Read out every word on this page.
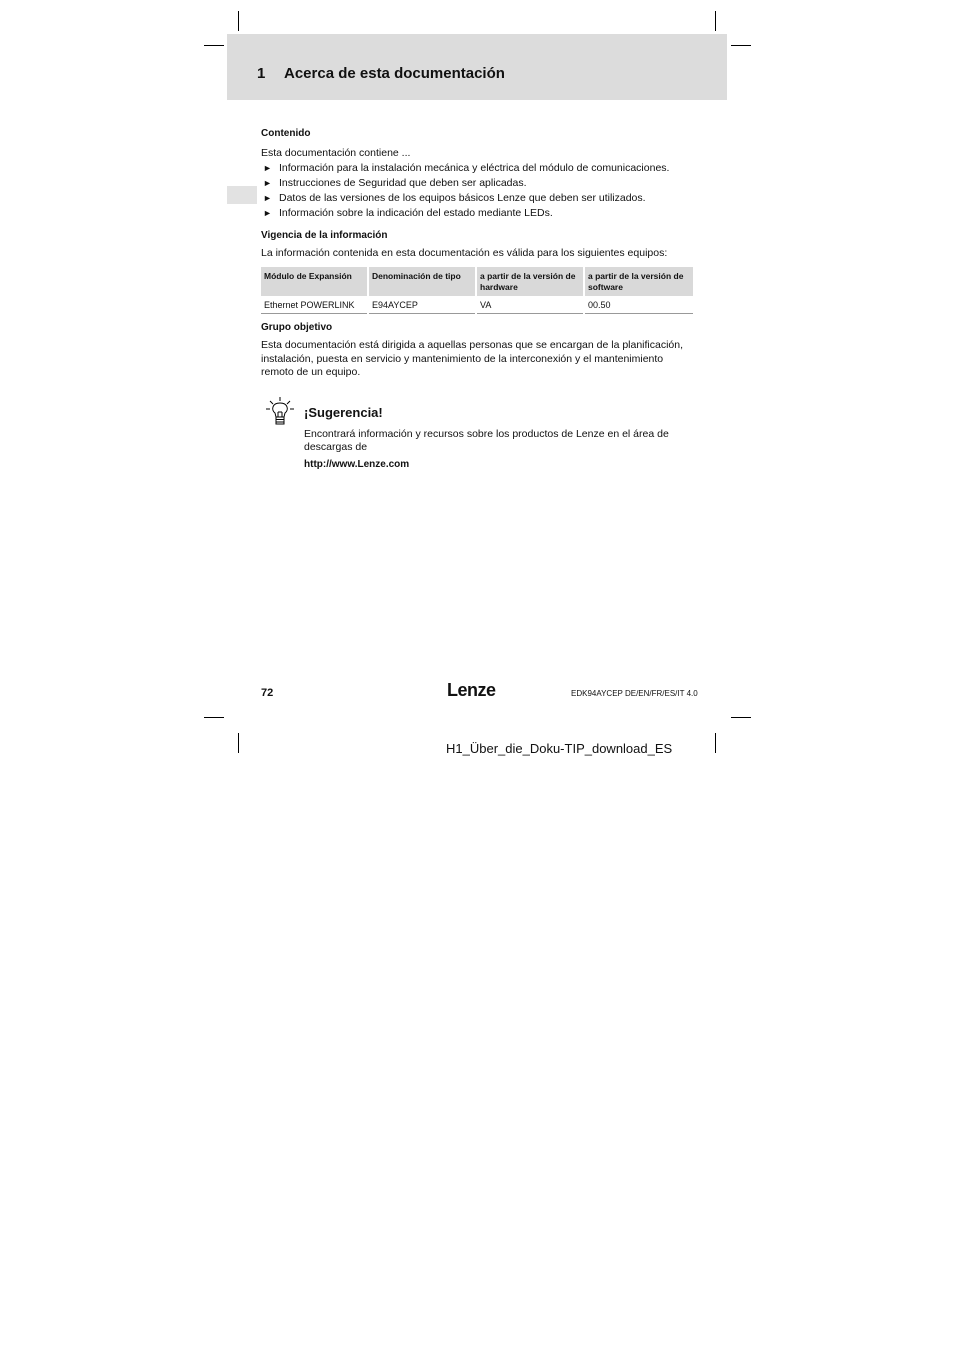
1 Acerca de esta documentación

Contenido

Esta documentación contiene ...

► Información para la instalación mecánica y eléctrica del módulo de comunicaciones.
► Instrucciones de Seguridad que deben ser aplicadas.
► Datos de las versiones de los equipos básicos Lenze que deben ser utilizados.
► Información sobre la indicación del estado mediante LEDs.

Vigencia de la información

La información contenida en esta documentación es válida para los siguientes equipos:

Módulo de Expansión	Denominación de tipo	a partir de la versión de hardware	a partir de la versión de software
Ethernet POWERLINK	E94AYCEP	VA	00.50

Grupo objetivo

Esta documentación está dirigida a aquellas personas que se encargan de la planificación, instalación, puesta en servicio y mantenimiento de la interconexión y el mantenimiento remoto de un equipo.

¡Sugerencia!

Encontrará información y recursos sobre los productos de Lenze en el área de descargas de

http://www.Lenze.com

72	Lenze	EDK94AYCEP DE/EN/FR/ES/IT 4.0
H1_Über_die_Doku-TIP_download_ES
